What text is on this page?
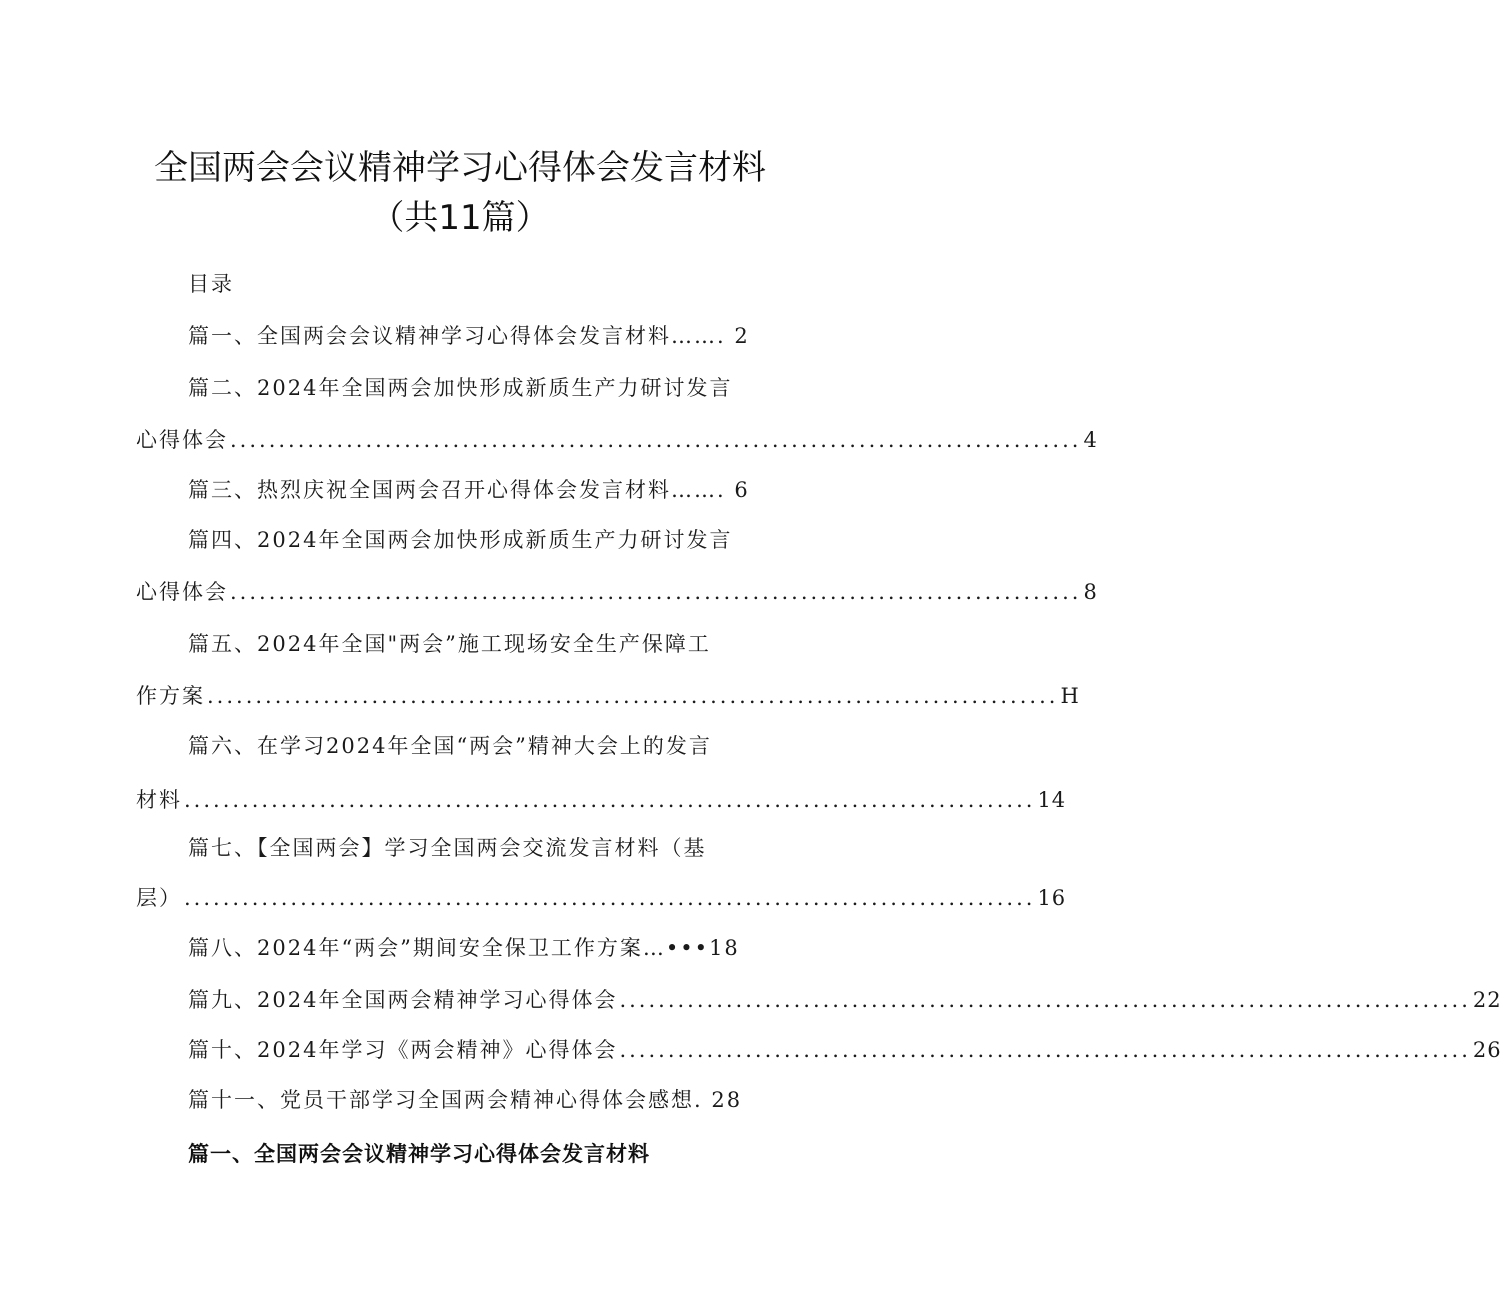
全国两会会议精神学习心得体会发言材料
（共11篇）
目录
篇一、全国两会会议精神学习心得体会发言材料……. 2
篇二、2024年全国两会加快形成新质生产力研讨发言
心得体会 ........................................................................................ 4
篇三、热烈庆祝全国两会召开心得体会发言材料……. 6
篇四、2024年全国两会加快形成新质生产力研讨发言
心得体会 ........................................................................................ 8
篇五、2024年全国"两会”施工现场安全生产保障工
作方案 ........................................................................................ H
篇六、在学习2024年全国“两会”精神大会上的发言
材料 ........................................................................................ 14
篇七、【全国两会】学习全国两会交流发言材料（基
层） ........................................................................................ 16
篇八、2024年“两会”期间安全保卫工作方案…•••18
篇九、2024年全国两会精神学习心得体会 ........................................................................................ 22
篇十、2024年学习《两会精神》心得体会 ........................................................................................ 26
篇十一、党员干部学习全国两会精神心得体会感想. 28
篇一、全国两会会议精神学习心得体会发言材料
